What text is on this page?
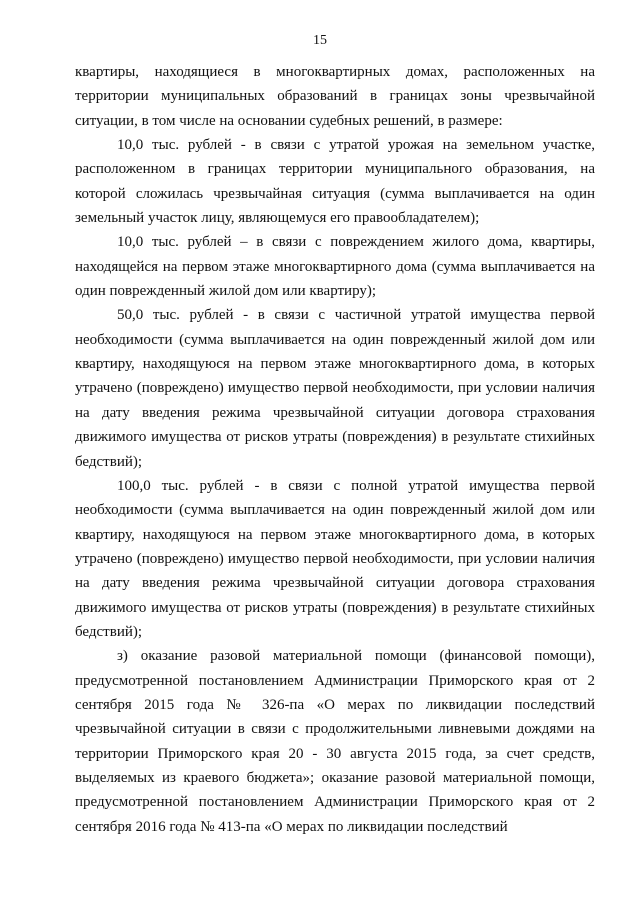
15

квартиры, находящиеся в многоквартирных домах, расположенных на территории муниципальных образований в границах зоны чрезвычайной ситуации, в том числе на основании судебных решений, в размере:

10,0 тыс. рублей - в связи с утратой урожая на земельном участке, расположенном в границах территории муниципального образования, на которой сложилась чрезвычайная ситуация (сумма выплачивается на один земельный участок лицу, являющемуся его правообладателем);

10,0 тыс. рублей – в связи с повреждением жилого дома, квартиры, находящейся на первом этаже многоквартирного дома (сумма выплачивается на один поврежденный жилой дом или квартиру);

50,0 тыс. рублей - в связи с частичной утратой имущества первой необходимости (сумма выплачивается на один поврежденный жилой дом или квартиру, находящуюся на первом этаже многоквартирного дома, в которых утрачено (повреждено) имущество первой необходимости, при условии наличия на дату введения режима чрезвычайной ситуации договора страхования движимого имущества от рисков утраты (повреждения) в результате стихийных бедствий);

100,0 тыс. рублей - в связи с полной утратой имущества первой необходимости (сумма выплачивается на один поврежденный жилой дом или квартиру, находящуюся на первом этаже многоквартирного дома, в которых утрачено (повреждено) имущество первой необходимости, при условии наличия на дату введения режима чрезвычайной ситуации договора страхования движимого имущества от рисков утраты (повреждения) в результате стихийных бедствий);

з) оказание разовой материальной помощи (финансовой помощи), предусмотренной постановлением Администрации Приморского края от 2 сентября 2015 года № 326-па «О мерах по ликвидации последствий чрезвычайной ситуации в связи с продолжительными ливневыми дождями на территории Приморского края 20 - 30 августа 2015 года, за счет средств, выделяемых из краевого бюджета»; оказание разовой материальной помощи, предусмотренной постановлением Администрации Приморского края от 2 сентября 2016 года № 413-па «О мерах по ликвидации последствий
